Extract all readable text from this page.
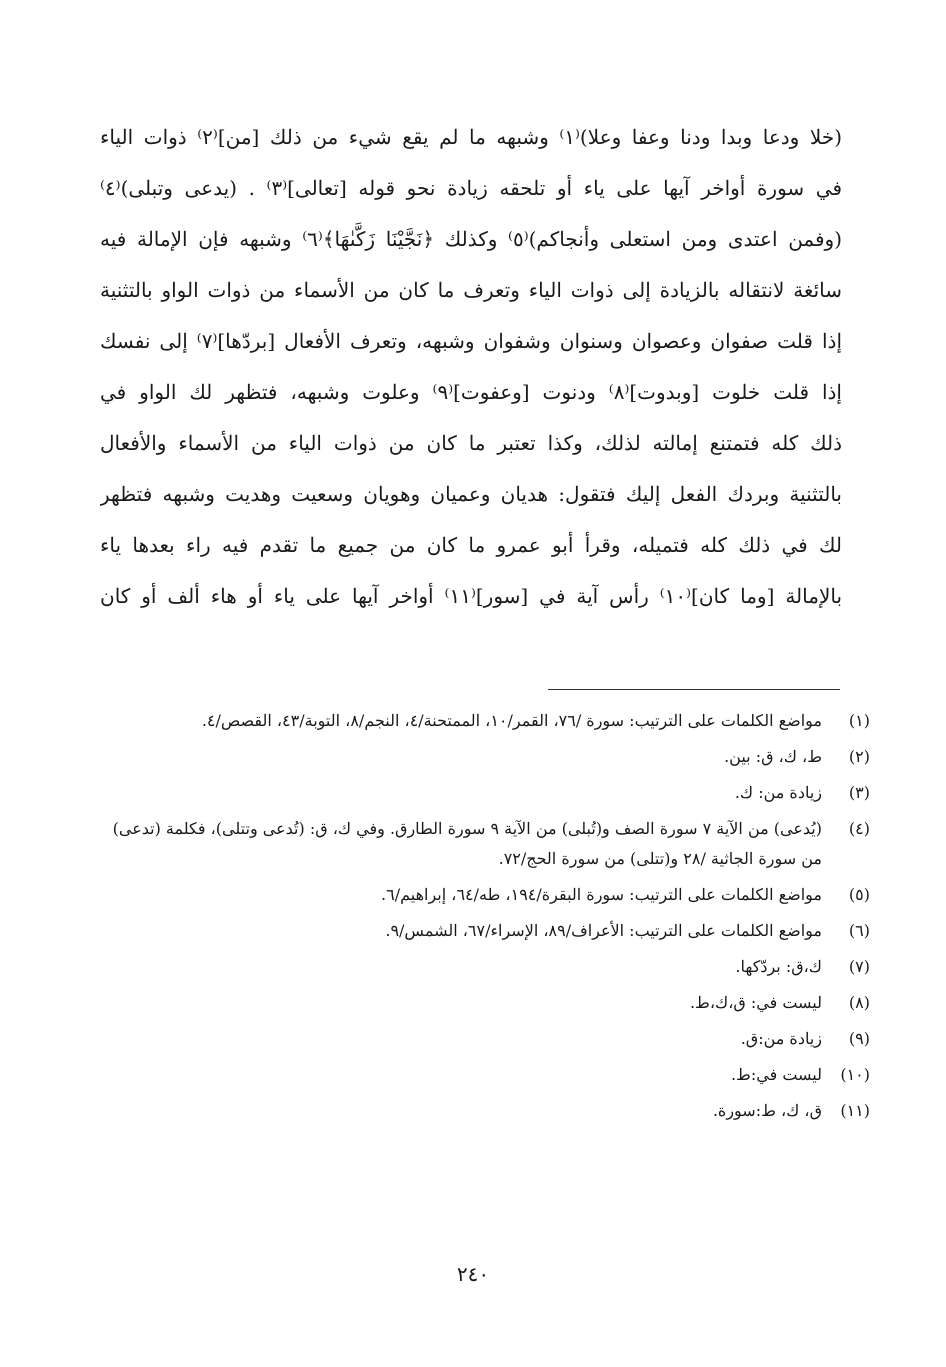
(خلا ودعا وبدا ودنا وعفا وعلا)⁽١⁾ وشبهه ما لم يقع شيء من ذلك [من]⁽٢⁾ ذوات الياء
في سورة أواخر آيها على ياء أو تلحقه زيادة نحو قوله [تعالى]⁽٣⁾ . (يدعى وتبلى)⁽٤⁾
(وفمن اعتدى ومن استعلى وأنجاكم)⁽٥⁾ وكذلك ﴿نَجَّيْنَا زَكَّىٰهَا﴾⁽٦⁾ وشبهه فإن الإمالة فيه
سائغة لانتقاله بالزيادة إلى ذوات الياء وتعرف ما كان من الأسماء من ذوات الواو بالتثنية
إذا قلت صفوان وعصوان وسنوان وشفوان وشبهه، وتعرف الأفعال [بردّها]⁽٧⁾ إلى نفسك
إذا قلت خلوت [وبدوت]⁽٨⁾ ودنوت [وعفوت]⁽٩⁾ وعلوت وشبهه، فتظهر لك الواو في
ذلك كله فتمتنع إمالته لذلك، وكذا تعتبر ما كان من ذوات الياء من الأسماء والأفعال
بالتثنية وبردك الفعل إليك فتقول: هديان وعميان وهويان وسعيت وهديت وشبهه فتظهر
لك في ذلك كله فتميله، وقرأ أبو عمرو ما كان من جميع ما تقدم فيه راء بعدها ياء
بالإمالة [وما كان]⁽١٠⁾ رأس آية في [سور]⁽١١⁾ أواخر آيها على ياء أو هاء ألف أو كان
(١)
مواضع الكلمات على الترتيب: سورة /٧٦، القمر/١٠، الممتحنة/٤، النجم/٨، التوبة/٤٣، القصص/٤.
(٢)
ط، ك، ق: بين.
(٣)
زيادة من: ك.
(٤)
(يُدعى) من الآية ٧ سورة الصف و(تُبلى) من الآية ٩ سورة الطارق. وفي ك، ق: (تُدعى وتتلى)، فكلمة (تدعى) من سورة الجاثية /٢٨ و(تتلى) من سورة الحج/٧٢.
(٥)
مواضع الكلمات على الترتيب: سورة البقرة/١٩٤، طه/٦٤، إبراهيم/٦.
(٦)
مواضع الكلمات على الترتيب: الأعراف/٨٩، الإسراء/٦٧، الشمس/٩.
(٧)
ك،ق: بردّكها.
(٨)
ليست في: ق،ك،ط.
(٩)
زيادة من:ق.
(١٠)
ليست في:ط.
(١١)
ق، ك، ط:سورة.
٢٤٠
